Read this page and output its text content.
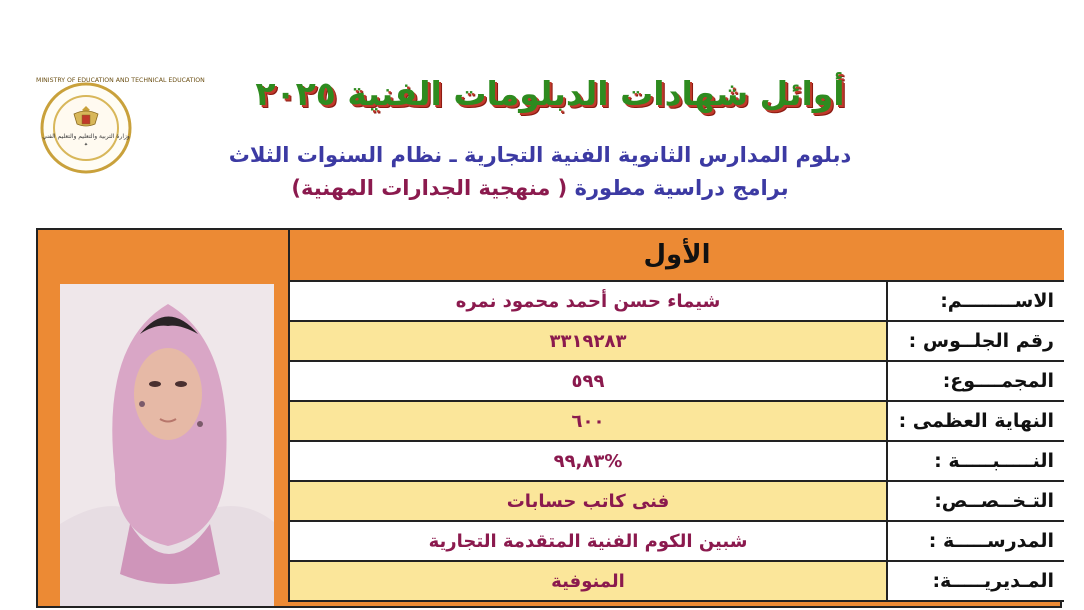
MINISTRY OF EDUCATION AND TECHNICAL EDUCATION
وزارة التربية والتعليم والتعليم الفني
✦
أوائل شهادات الدبلومات الفنية ٢٠٢٥
دبلوم المدارس الثانوية الفنية التجارية ـ نظام السنوات الثلاث
برامج دراسية مطورة ( منهجية الجدارات المهنية)
الأول
شيماء حسن أحمد محمود نمره	الاســــــــم:
٣٣١٩٢٨٣	رقم الجلــوس :
٥٩٩	المجمــــوع:
٦٠٠	النهاية العظمى :
%٩٩,٨٣	النـــــبـــــة :
فنى كاتب حسابات	التـخــصــص:
شبين الكوم الفنية المتقدمة التجارية	المدرســـــة :
المنوفية	المـديريـــــة:
